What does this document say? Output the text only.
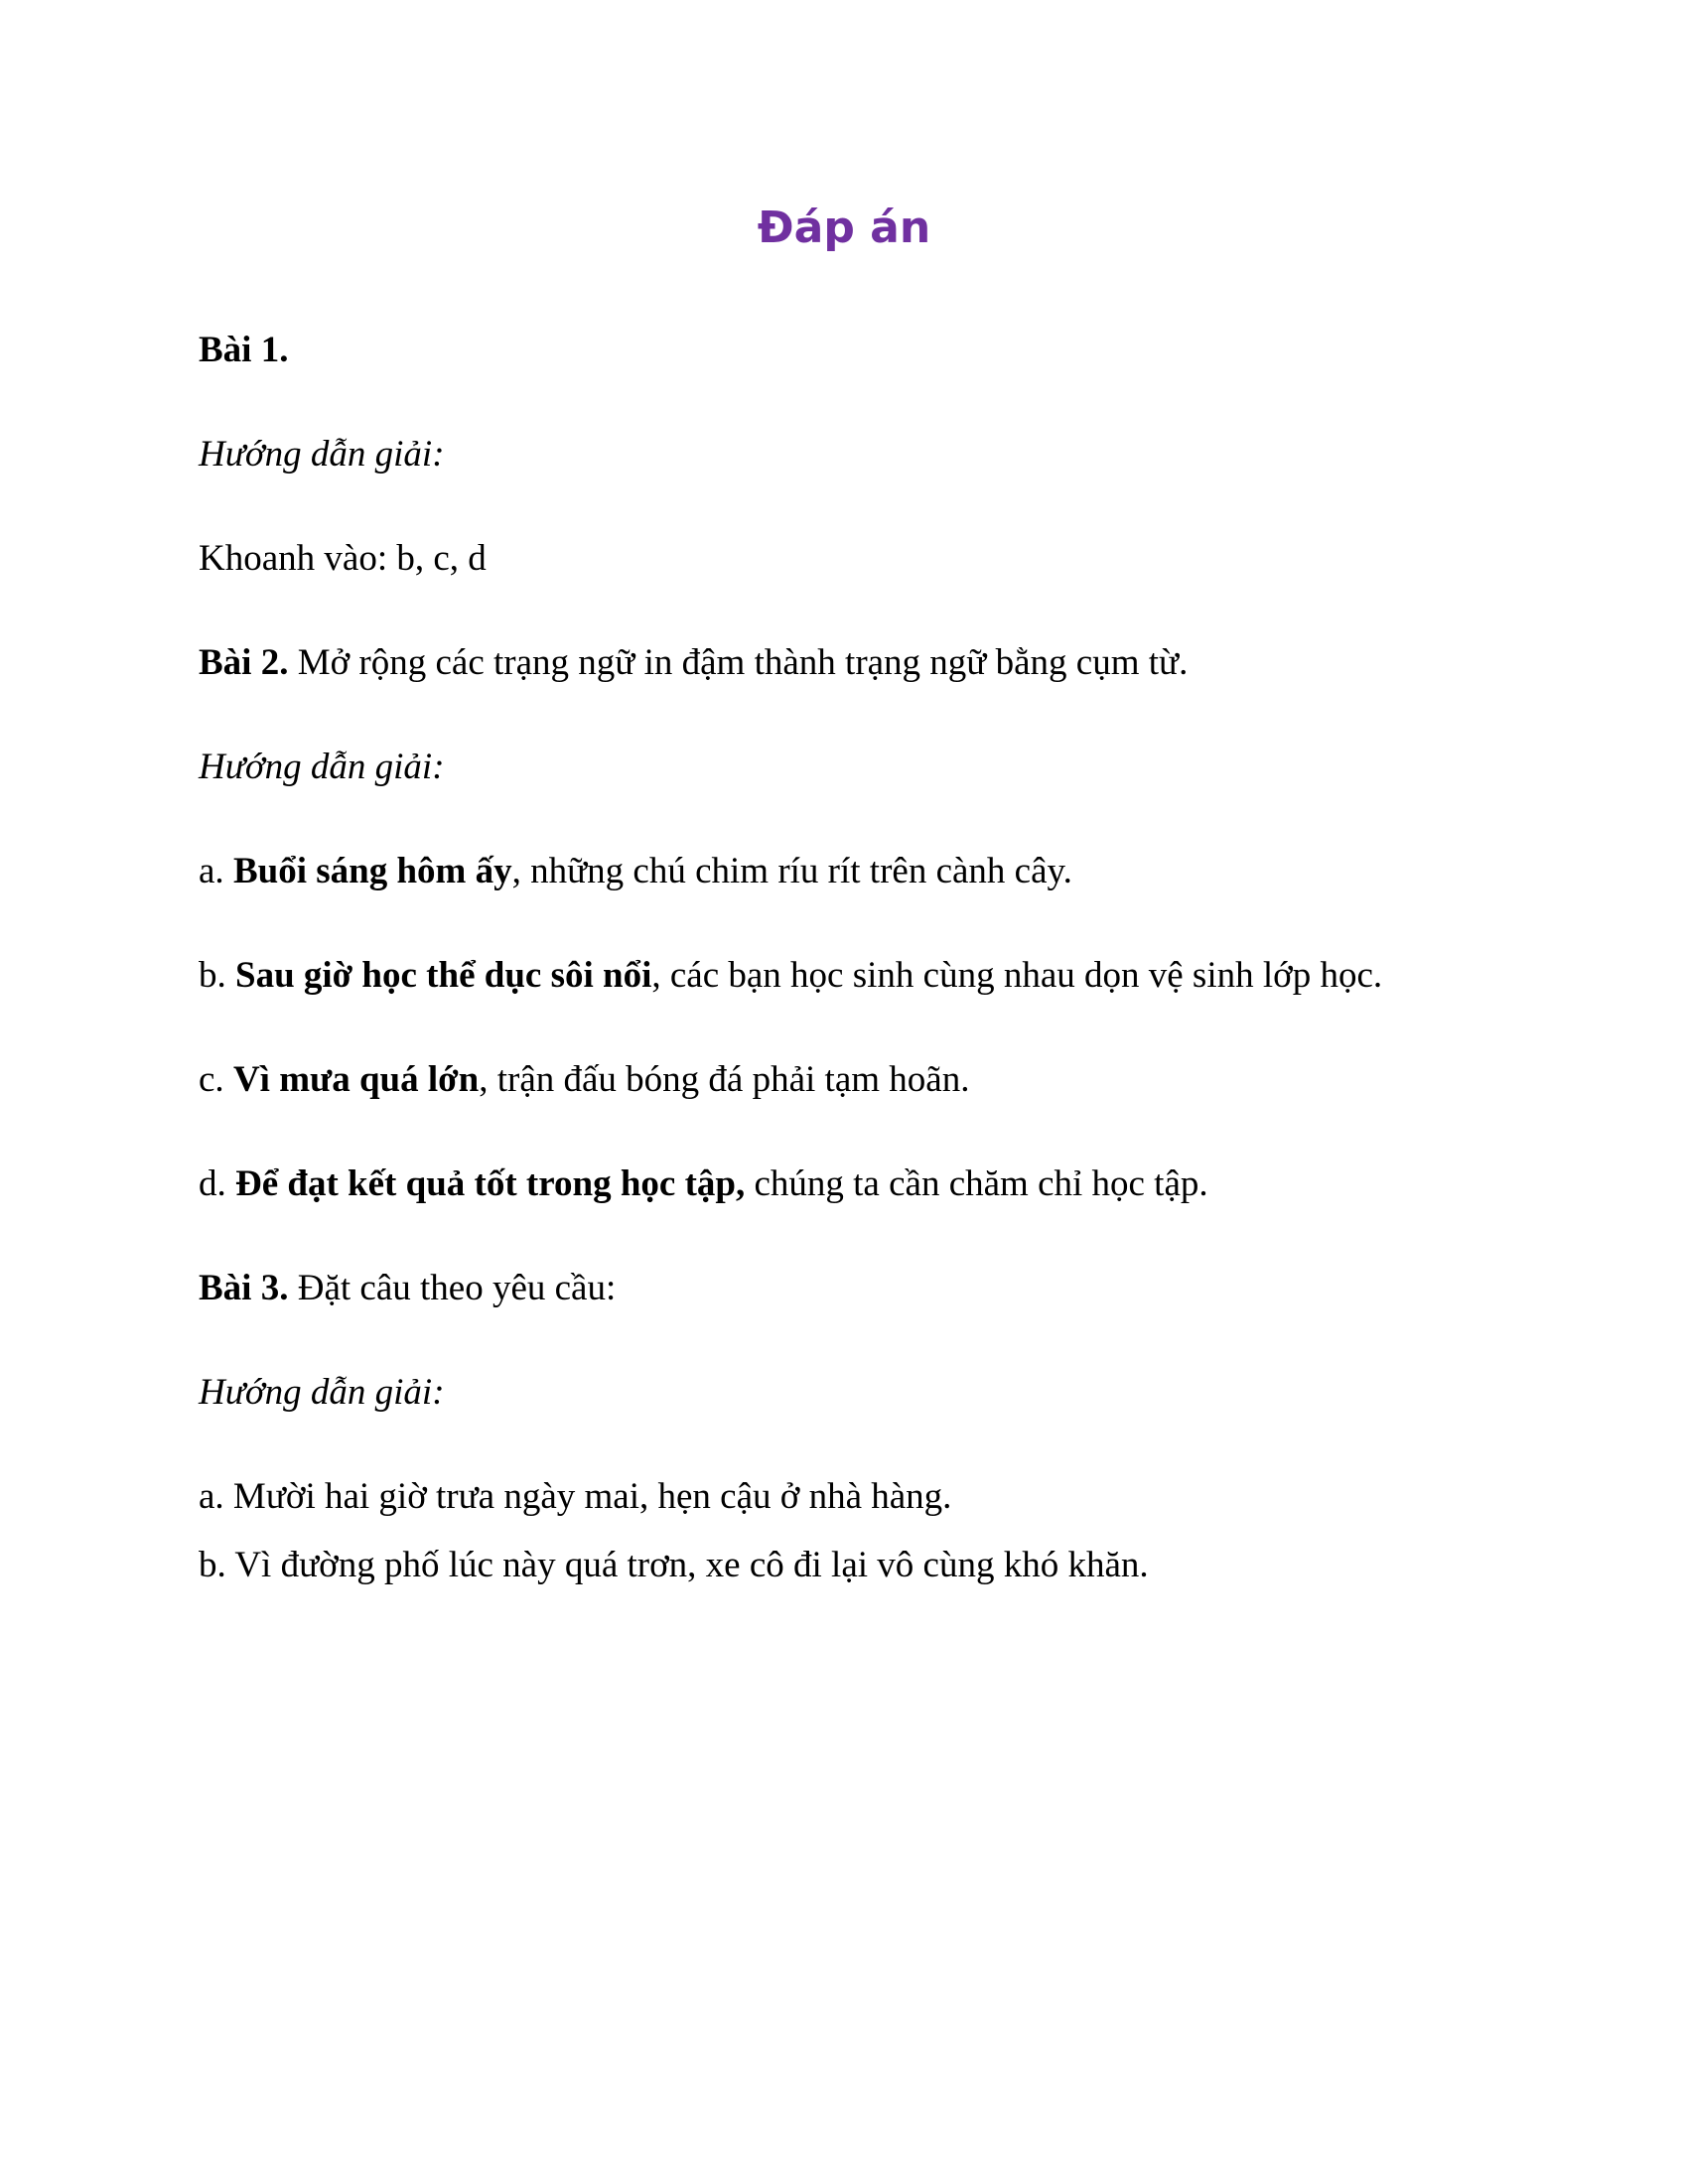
Đáp án
Bài 1.
Hướng dẫn giải:
Khoanh vào: b, c, d
Bài 2. Mở rộng các trạng ngữ in đậm thành trạng ngữ bằng cụm từ.
Hướng dẫn giải:
a. Buổi sáng hôm ấy, những chú chim ríu rít trên cành cây.
b. Sau giờ học thể dục sôi nổi, các bạn học sinh cùng nhau dọn vệ sinh lớp học.
c. Vì mưa quá lớn, trận đấu bóng đá phải tạm hoãn.
d. Để đạt kết quả tốt trong học tập, chúng ta cần chăm chỉ học tập.
Bài 3. Đặt câu theo yêu cầu:
Hướng dẫn giải:
a. Mười hai giờ trưa ngày mai, hẹn cậu ở nhà hàng.
b. Vì đường phố lúc này quá trơn, xe cô đi lại vô cùng khó khăn.
